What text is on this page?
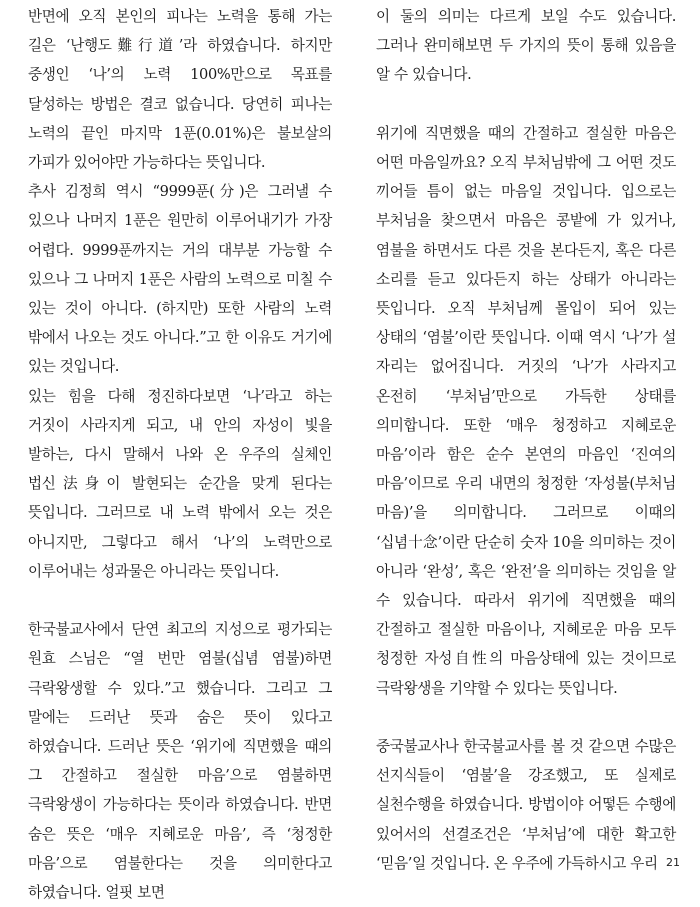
반면에 오직 본인의 피나는 노력을 통해 가는 길은 ‘난행도難行道’라 하였습니다. 하지만 중생인 ‘나’의 노력 100%만으로 목표를 달성하는 방법은 결코 없습니다. 당연히 피나는 노력의 끝인 마지막 1푼(0.01%)은 불보살의 가피가 있어야만 가능하다는 뜻입니다.

추사 김정희 역시 “9999푼(分)은 그러낼 수 있으나 나머지 1푼은 원만히 이루어내기가 가장 어렵다. 9999푼까지는 거의 대부분 가능할 수 있으나 그 나머지 1푼은 사람의 노력으로 미칠 수 있는 것이 아니다. (하지만) 또한 사람의 노력 밖에서 나오는 것도 아니다.”고 한 이유도 거기에 있는 것입니다.

있는 힘을 다해 정진하다보면 ‘나’라고 하는 거짓이 사라지게 되고, 내 안의 자성이 빛을 발하는, 다시 말해서 나와 온 우주의 실체인 법신法身이 발현되는 순간을 맞게 된다는 뜻입니다. 그러므로 내 노력 밖에서 오는 것은 아니지만, 그렇다고 해서 ‘나’의 노력만으로 이루어내는 성과물은 아니라는 뜻입니다.

한국불교사에서 단연 최고의 지성으로 평가되는 원효 스님은 “열 번만 염불(십념 염불)하면 극락왕생할 수 있다.”고 했습니다. 그리고 그 말에는 드러난 뜻과 숨은 뜻이 있다고 하였습니다. 드러난 뜻은 ‘위기에 직면했을 때의 그 간절하고 절실한 마음’으로 염불하면 극락왕생이 가능하다는 뜻이라 하였습니다. 반면 숨은 뜻은 ‘매우 지혜로운 마음’, 즉 ‘청정한 마음’으로 염불한다는 것을 의미한다고 하였습니다. 얼핏 보면

이 둘의 의미는 다르게 보일 수도 있습니다. 그러나 완미해보면 두 가지의 뜻이 통해 있음을 알 수 있습니다.

위기에 직면했을 때의 간절하고 절실한 마음은 어떤 마음일까요? 오직 부처님밖에 그 어떤 것도 끼어들 틈이 없는 마음일 것입니다. 입으로는 부처님을 찾으면서 마음은 콩밭에 가 있거나, 염불을 하면서도 다른 것을 본다든지, 혹은 다른 소리를 듣고 있다든지 하는 상태가 아니라는 뜻입니다. 오직 부처님께 몰입이 되어 있는 상태의 ‘염불’이란 뜻입니다. 이때 역시 ‘나’가 설 자리는 없어집니다. 거짓의 ‘나’가 사라지고 온전히 ‘부처님’만으로 가득한 상태를 의미합니다. 또한 ‘매우 청정하고 지혜로운 마음’이라 함은 순수 본연의 마음인 ‘진여의 마음’이므로 우리 내면의 청정한 ‘자성불(부처님 마음)’을 의미합니다. 그러므로 이때의 ‘십념十念’이란 단순히 숫자 10을 의미하는 것이 아니라 ‘완성’, 혹은 ‘완전’을 의미하는 것임을 알 수 있습니다. 따라서 위기에 직면했을 때의 간절하고 절실한 마음이나, 지혜로운 마음 모두 청정한 자성自性의 마음상태에 있는 것이므로 극락왕생을 기약할 수 있다는 뜻입니다.

중국불교사나 한국불교사를 볼 것 같으면 수많은 선지식들이 ‘염불’을 강조했고, 또 실제로 실천수행을 하였습니다. 방법이야 어떻든 수행에 있어서의 선결조건은 ‘부처님’에 대한 확고한 ‘믿음’일 것입니다. 온 우주에 가득하시고 우리 21
